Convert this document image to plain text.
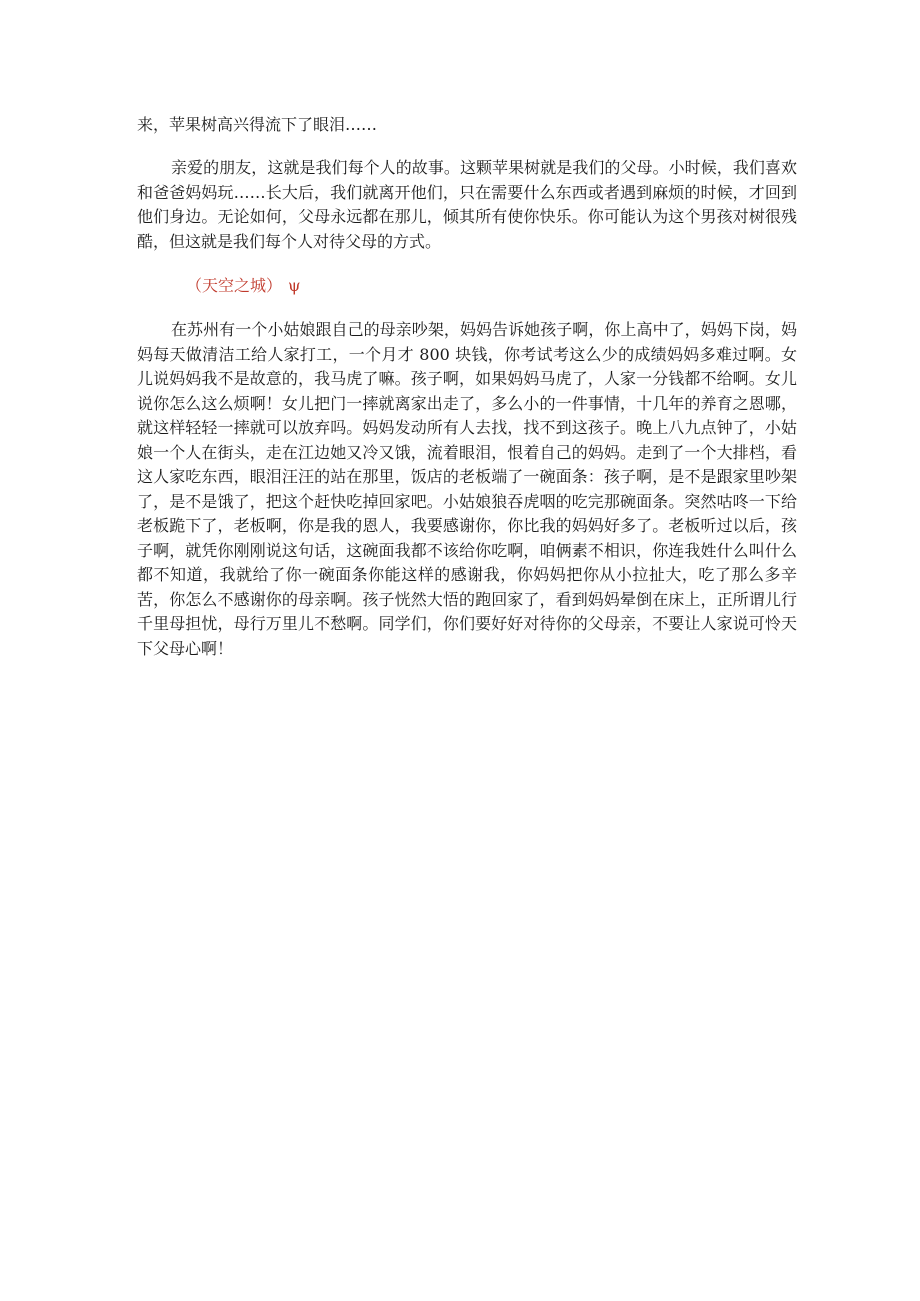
来，苹果树高兴得流下了眼泪……
亲爱的朋友，这就是我们每个人的故事。这颗苹果树就是我们的父母。小时候，我们喜欢和爸爸妈妈玩……长大后，我们就离开他们，只在需要什么东西或者遇到麻烦的时候，才回到他们身边。无论如何，父母永远都在那儿，倾其所有使你快乐。你可能认为这个男孩对树很残酷，但这就是我们每个人对待父母的方式。
（天空之城） ψ
在苏州有一个小姑娘跟自己的母亲吵架，妈妈告诉她孩子啊，你上高中了，妈妈下岗，妈妈每天做清洁工给人家打工，一个月才 800 块钱，你考试考这么少的成绩妈妈多难过啊。女儿说妈妈我不是故意的，我马虎了嘛。孩子啊，如果妈妈马虎了，人家一分钱都不给啊。女儿说你怎么这么烦啊！女儿把门一摔就离家出走了，多么小的一件事情，十几年的养育之恩哪，就这样轻轻一摔就可以放弃吗。妈妈发动所有人去找，找不到这孩子。晚上八九点钟了，小姑娘一个人在街头，走在江边她又冷又饿，流着眼泪，恨着自己的妈妈。走到了一个大排档，看这人家吃东西，眼泪汪汪的站在那里，饭店的老板端了一碗面条：孩子啊，是不是跟家里吵架了，是不是饿了，把这个赶快吃掉回家吧。小姑娘狼吞虎咽的吃完那碗面条。突然咕咚一下给老板跪下了，老板啊，你是我的恩人，我要感谢你，你比我的妈妈好多了。老板听过以后，孩子啊，就凭你刚刚说这句话，这碗面我都不该给你吃啊，咱俩素不相识，你连我姓什么叫什么都不知道，我就给了你一碗面条你能这样的感谢我，你妈妈把你从小拉扯大，吃了那么多辛苦，你怎么不感谢你的母亲啊。孩子恍然大悟的跑回家了，看到妈妈晕倒在床上，正所谓儿行千里母担忧，母行万里儿不愁啊。同学们，你们要好好对待你的父母亲，不要让人家说可怜天下父母心啊！
